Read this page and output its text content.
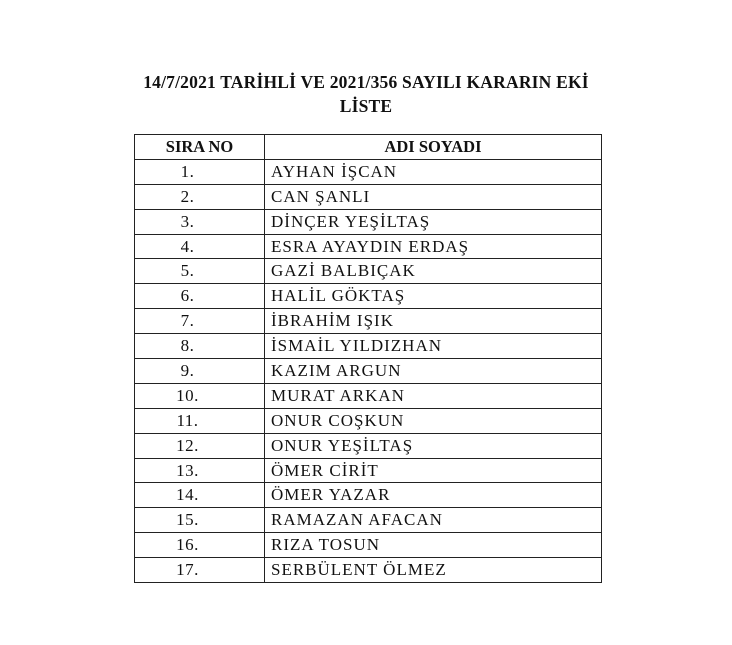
14/7/2021 TARİHLİ VE 2021/356 SAYILI KARARIN EKİ
LİSTE
SIRA NO	ADI SOYADI
1.	AYHAN İŞCAN
2.	CAN ŞANLI
3.	DİNÇER YEŞİLTAŞ
4.	ESRA AYAYDIN ERDAŞ
5.	GAZİ BALBIÇAK
6.	HALİL GÖKTAŞ
7.	İBRAHİM IŞIK
8.	İSMAİL YILDIZHAN
9.	KAZIM ARGUN
10.	MURAT ARKAN
11.	ONUR COŞKUN
12.	ONUR YEŞİLTAŞ
13.	ÖMER CİRİT
14.	ÖMER YAZAR
15.	RAMAZAN AFACAN
16.	RIZA TOSUN
17.	SERBÜLENT ÖLMEZ
